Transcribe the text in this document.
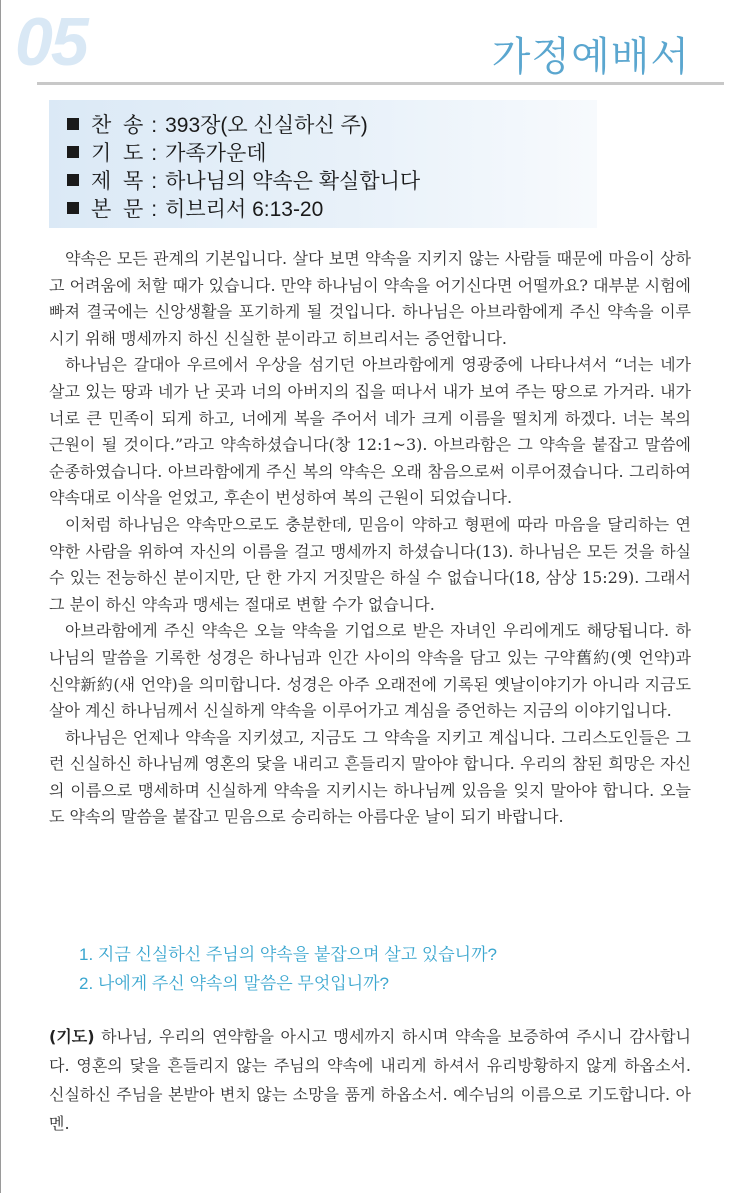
05	가정예배서
찬  송 : 393장(오 신실하신 주)
기  도 : 가족가운데
제  목 : 하나님의 약속은 확실합니다
본  문 : 히브리서 6:13-20

약속은 모든 관계의 기본입니다. 살다 보면 약속을 지키지 않는 사람들 때문에 마음이 상하고 어려움에 처할 때가 있습니다. 만약 하나님이 약속을 어기신다면 어떨까요? 대부분 시험에 빠져 결국에는 신앙생활을 포기하게 될 것입니다. 하나님은 아브라함에게 주신 약속을 이루시기 위해 맹세까지 하신 신실한 분이라고 히브리서는 증언합니다.

하나님은 갈대아 우르에서 우상을 섬기던 아브라함에게 영광중에 나타나셔서 “너는 네가 살고 있는 땅과 네가 난 곳과 너의 아버지의 집을 떠나서 내가 보여 주는 땅으로 가거라. 내가 너로 큰 민족이 되게 하고, 너에게 복을 주어서 네가 크게 이름을 떨치게 하겠다. 너는 복의 근원이 될 것이다.”라고 약속하셨습니다(창 12:1~3). 아브라함은 그 약속을 붙잡고 말씀에 순종하였습니다. 아브라함에게 주신 복의 약속은 오래 참음으로써 이루어졌습니다. 그리하여 약속대로 이삭을 얻었고, 후손이 번성하여 복의 근원이 되었습니다.

이처럼 하나님은 약속만으로도 충분한데, 믿음이 약하고 형편에 따라 마음을 달리하는 연약한 사람을 위하여 자신의 이름을 걸고 맹세까지 하셨습니다(13). 하나님은 모든 것을 하실 수 있는 전능하신 분이지만, 단 한 가지 거짓말은 하실 수 없습니다(18, 삼상 15:29). 그래서 그 분이 하신 약속과 맹세는 절대로 변할 수가 없습니다.

아브라함에게 주신 약속은 오늘 약속을 기업으로 받은 자녀인 우리에게도 해당됩니다. 하나님의 말씀을 기록한 성경은 하나님과 인간 사이의 약속을 담고 있는 구약舊約(옛 언약)과 신약新約(새 언약)을 의미합니다. 성경은 아주 오래전에 기록된 옛날이야기가 아니라 지금도 살아 계신 하나님께서 신실하게 약속을 이루어가고 계심을 증언하는 지금의 이야기입니다.

하나님은 언제나 약속을 지키셨고, 지금도 그 약속을 지키고 계십니다. 그리스도인들은 그런 신실하신 하나님께 영혼의 닻을 내리고 흔들리지 말아야 합니다. 우리의 참된 희망은 자신의 이름으로 맹세하며 신실하게 약속을 지키시는 하나님께 있음을 잊지 말아야 합니다. 오늘도 약속의 말씀을 붙잡고 믿음으로 승리하는 아름다운 날이 되기 바랍니다.

1. 지금 신실하신 주님의 약속을 붙잡으며 살고 있습니까?
2. 나에게 주신 약속의 말씀은 무엇입니까?
(기도) 하나님, 우리의 연약함을 아시고 맹세까지 하시며 약속을 보증하여 주시니 감사합니다. 영혼의 닻을 흔들리지 않는 주님의 약속에 내리게 하셔서 유리방황하지 않게 하옵소서. 신실하신 주님을 본받아 변치 않는 소망을 품게 하옵소서. 예수님의 이름으로 기도합니다. 아멘.
